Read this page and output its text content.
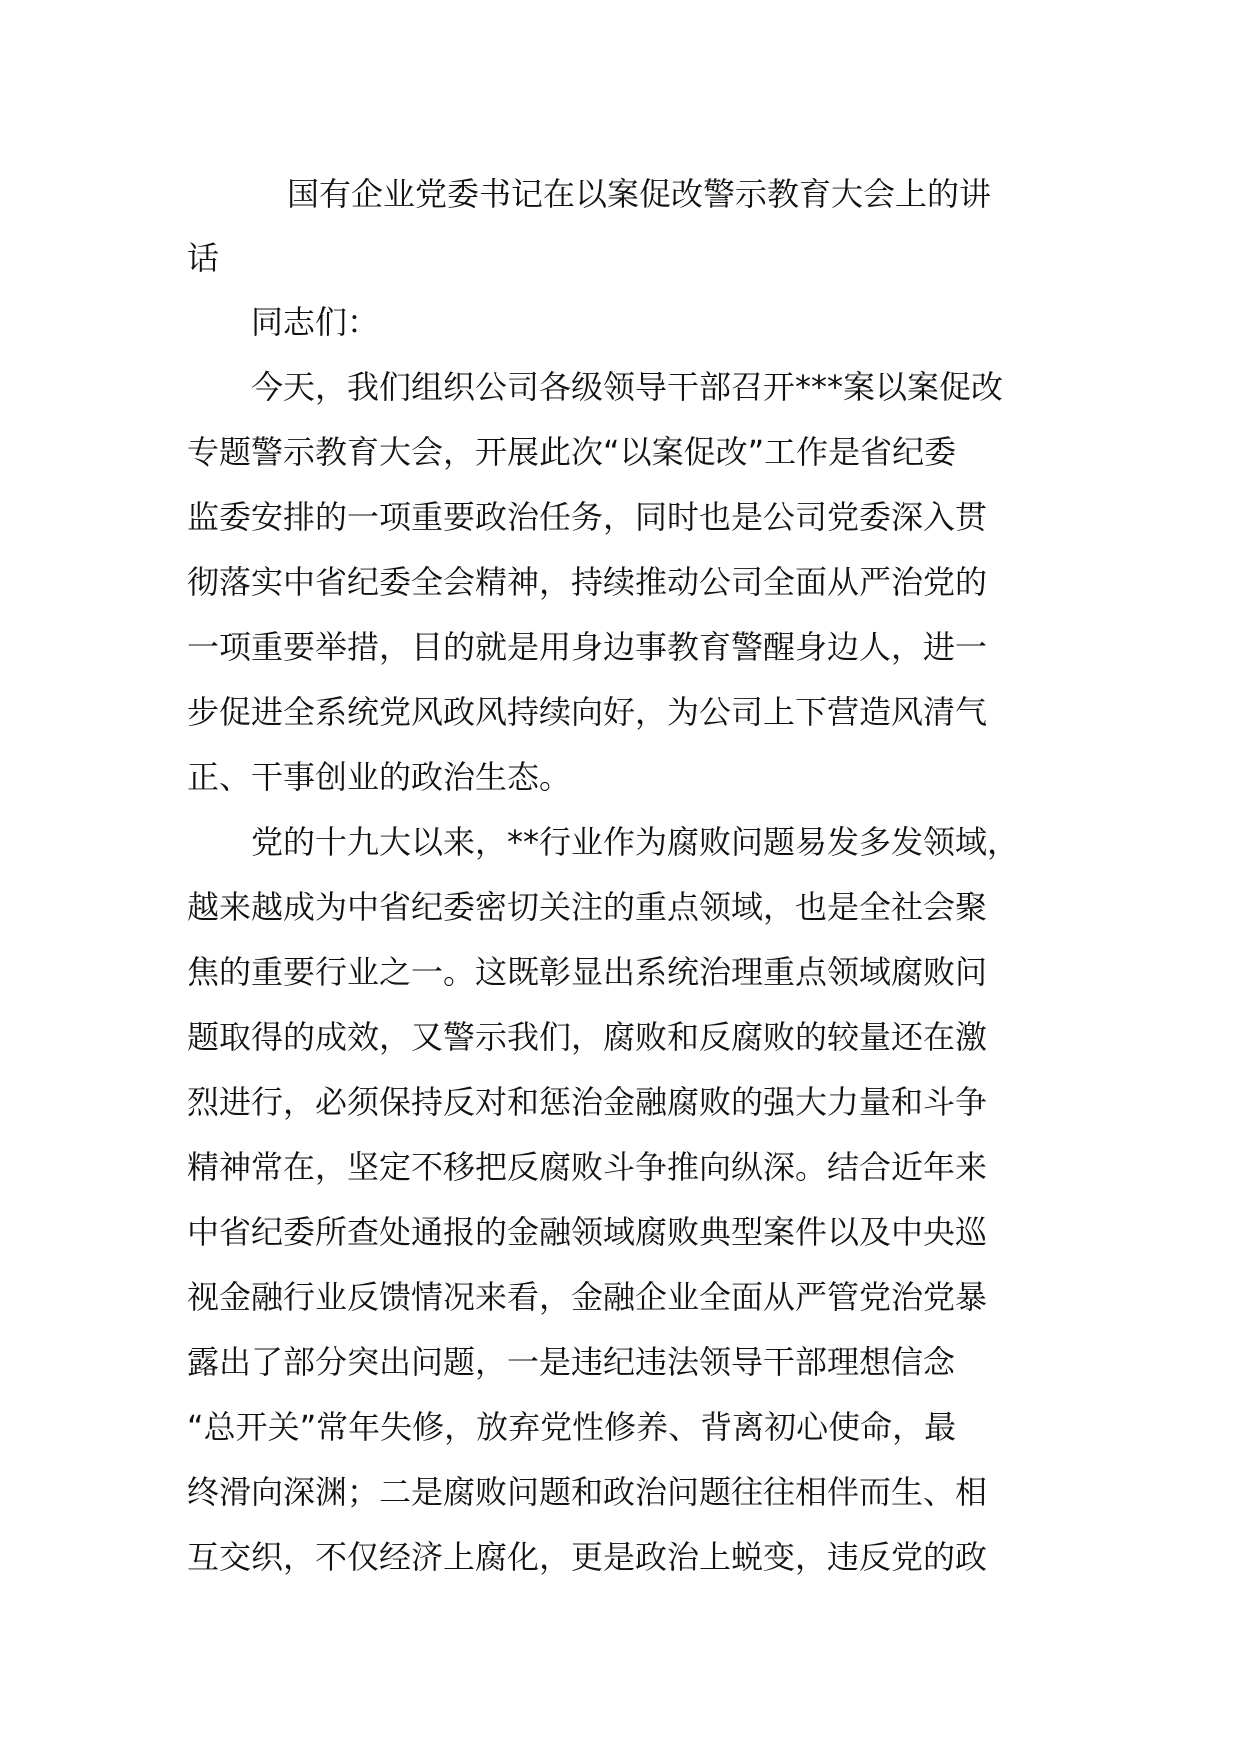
国有企业党委书记在以案促改警示教育大会上的讲
话
同志们：
今天，我们组织公司各级领导干部召开***案以案促改
专题警示教育大会，开展此次“以案促改”工作是省纪委
监委安排的一项重要政治任务，同时也是公司党委深入贯
彻落实中省纪委全会精神，持续推动公司全面从严治党的
一项重要举措，目的就是用身边事教育警醒身边人，进一
步促进全系统党风政风持续向好，为公司上下营造风清气
正、干事创业的政治生态。
党的十九大以来，**行业作为腐败问题易发多发领域，
越来越成为中省纪委密切关注的重点领域，也是全社会聚
焦的重要行业之一。这既彰显出系统治理重点领域腐败问
题取得的成效，又警示我们，腐败和反腐败的较量还在激
烈进行，必须保持反对和惩治金融腐败的强大力量和斗争
精神常在，坚定不移把反腐败斗争推向纵深。结合近年来
中省纪委所查处通报的金融领域腐败典型案件以及中央巡
视金融行业反馈情况来看，金融企业全面从严管党治党暴
露出了部分突出问题，一是违纪违法领导干部理想信念
“总开关”常年失修，放弃党性修养、背离初心使命，最
终滑向深渊；二是腐败问题和政治问题往往相伴而生、相
互交织，不仅经济上腐化，更是政治上蜕变，违反党的政
